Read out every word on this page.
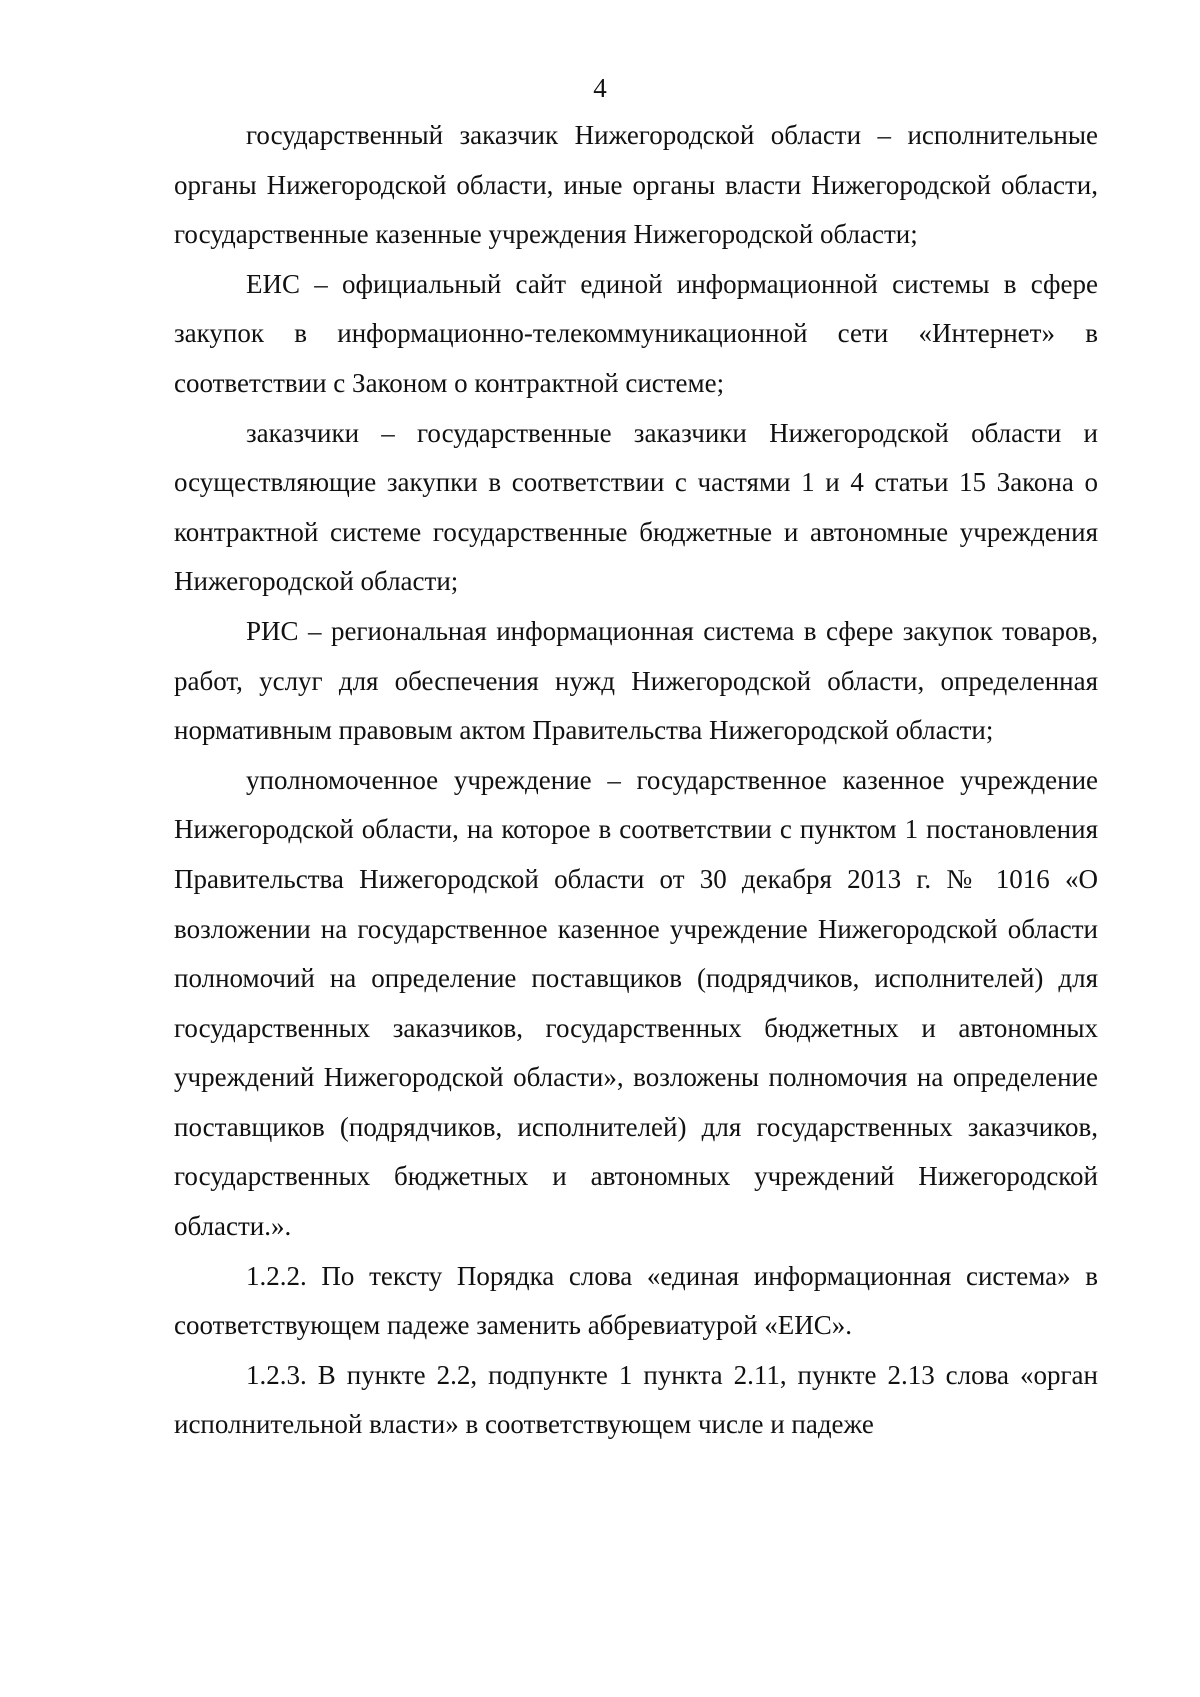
4

государственный заказчик Нижегородской области – исполнительные органы Нижегородской области, иные органы власти Нижегородской области, государственные казенные учреждения Нижегородской области;

ЕИС – официальный сайт единой информационной системы в сфере закупок в информационно-телекоммуникационной сети «Интернет» в соответствии с Законом о контрактной системе;

заказчики – государственные заказчики Нижегородской области и осуществляющие закупки в соответствии с частями 1 и 4 статьи 15 Закона о контрактной системе государственные бюджетные и автономные учреждения Нижегородской области;

РИС – региональная информационная система в сфере закупок товаров, работ, услуг для обеспечения нужд Нижегородской области, определенная нормативным правовым актом Правительства Нижегородской области;

уполномоченное учреждение – государственное казенное учреждение Нижегородской области, на которое в соответствии с пунктом 1 постановления Правительства Нижегородской области от 30 декабря 2013 г. № 1016 «О возложении на государственное казенное учреждение Нижегородской области полномочий на определение поставщиков (подрядчиков, исполнителей) для государственных заказчиков, государственных бюджетных и автономных учреждений Нижегородской области», возложены полномочия на определение поставщиков (подрядчиков, исполнителей) для государственных заказчиков, государственных бюджетных и автономных учреждений Нижегородской области.».

1.2.2. По тексту Порядка слова «единая информационная система» в соответствующем падеже заменить аббревиатурой «ЕИС».

1.2.3. В пункте 2.2, подпункте 1 пункта 2.11, пункте 2.13 слова «орган исполнительной власти» в соответствующем числе и падеже
